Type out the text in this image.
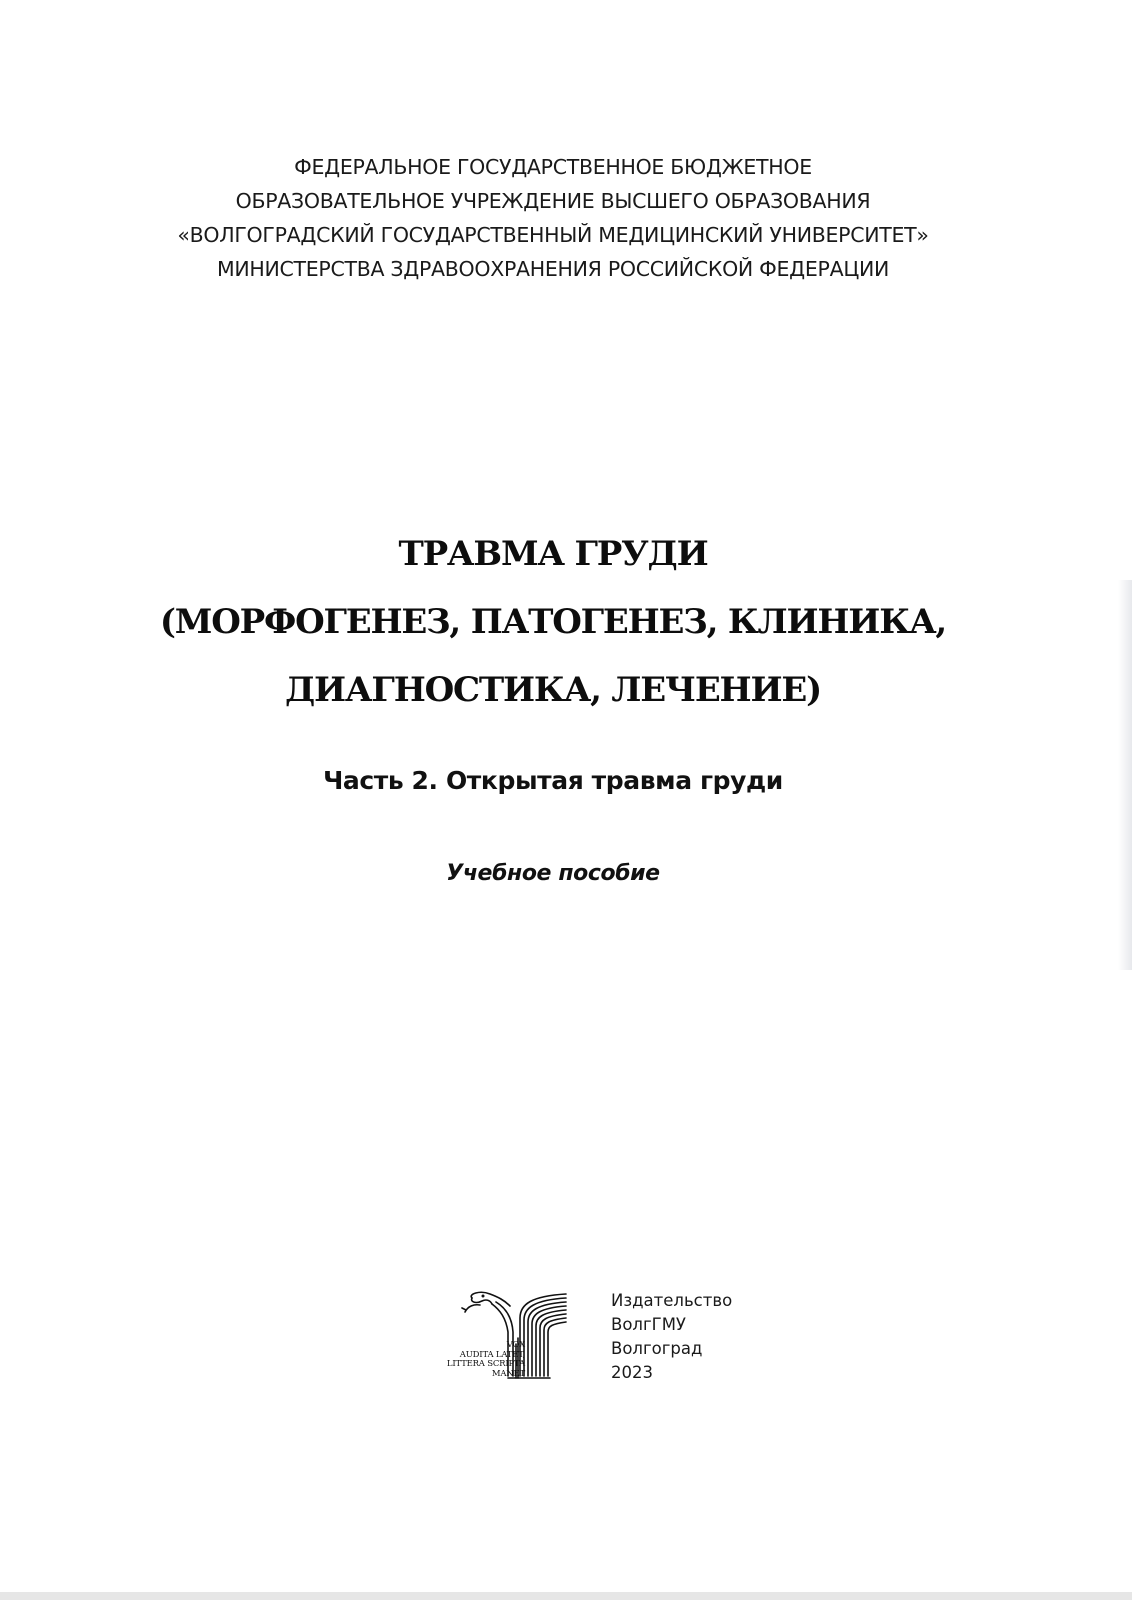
ФЕДЕРАЛЬНОЕ ГОСУДАРСТВЕННОЕ БЮДЖЕТНОЕ
ОБРАЗОВАТЕЛЬНОЕ УЧРЕЖДЕНИЕ ВЫСШЕГО ОБРАЗОВАНИЯ
«ВОЛГОГРАДСКИЙ ГОСУДАРСТВЕННЫЙ МЕДИЦИНСКИЙ УНИВЕРСИТЕТ»
МИНИСТЕРСТВА ЗДРАВООХРАНЕНИЯ РОССИЙСКОЙ ФЕДЕРАЦИИ
ТРАВМА ГРУДИ
(МОРФОГЕНЕЗ, ПАТОГЕНЕЗ, КЛИНИКА,
ДИАГНОСТИКА, ЛЕЧЕНИЕ)
Часть 2. Открытая травма груди
Учебное пособие
VOX
AUDITA LATET,
LITTERA SCRIPTA
MANET
Издательство
ВолгГМУ
Волгоград
2023
